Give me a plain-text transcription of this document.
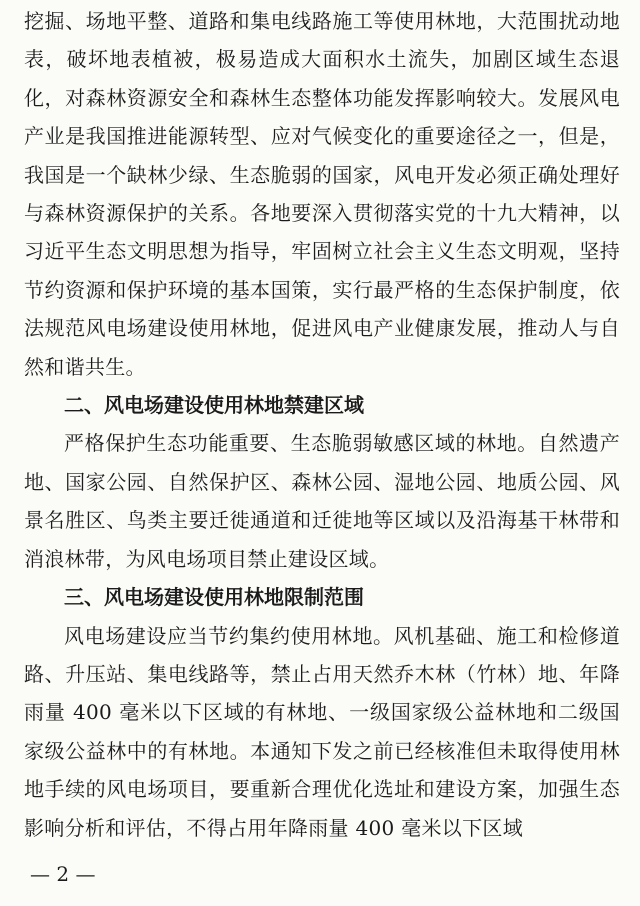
挖掘、场地平整、道路和集电线路施工等使用林地，大范围扰动地表，破坏地表植被，极易造成大面积水土流失，加剧区域生态退化，对森林资源安全和森林生态整体功能发挥影响较大。发展风电产业是我国推进能源转型、应对气候变化的重要途径之一，但是，我国是一个缺林少绿、生态脆弱的国家，风电开发必须正确处理好与森林资源保护的关系。各地要深入贯彻落实党的十九大精神，以习近平生态文明思想为指导，牢固树立社会主义生态文明观，坚持节约资源和保护环境的基本国策，实行最严格的生态保护制度，依法规范风电场建设使用林地，促进风电产业健康发展，推动人与自然和谐共生。

二、风电场建设使用林地禁建区域

严格保护生态功能重要、生态脆弱敏感区域的林地。自然遗产地、国家公园、自然保护区、森林公园、湿地公园、地质公园、风景名胜区、鸟类主要迁徙通道和迁徙地等区域以及沿海基干林带和消浪林带，为风电场项目禁止建设区域。

三、风电场建设使用林地限制范围

风电场建设应当节约集约使用林地。风机基础、施工和检修道路、升压站、集电线路等，禁止占用天然乔木林（竹林）地、年降雨量 400 毫米以下区域的有林地、一级国家级公益林地和二级国家级公益林中的有林地。本通知下发之前已经核准但未取得使用林地手续的风电场项目，要重新合理优化选址和建设方案，加强生态影响分析和评估，不得占用年降雨量 400 毫米以下区域

— 2 —
